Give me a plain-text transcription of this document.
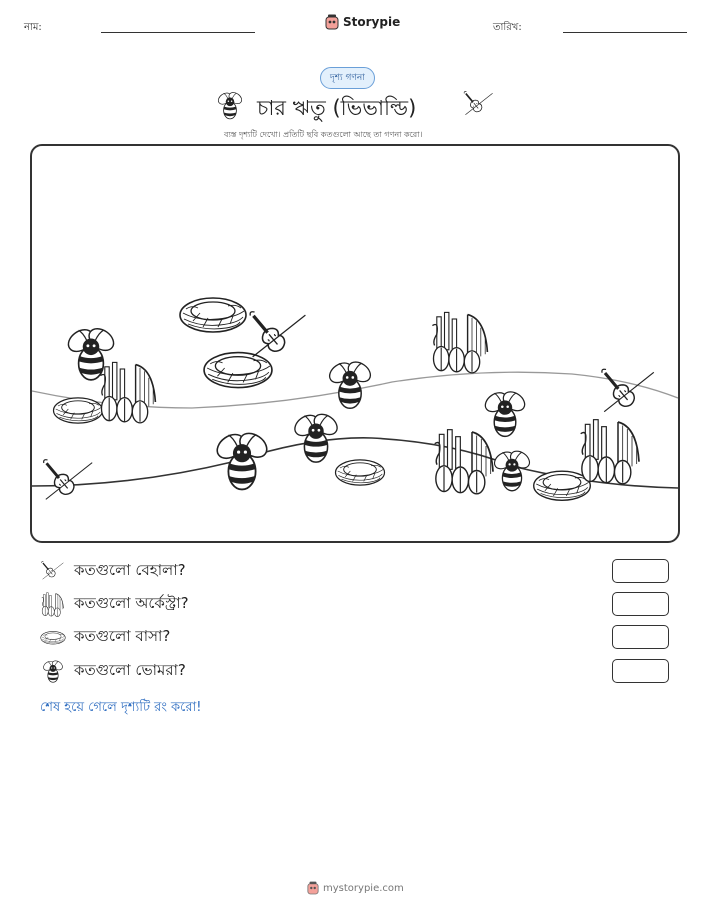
নাম:	Storypie	তারিখ:
দৃশ্য গণনা
চার ঋতু (ভিভাল্ডি)
ব্যস্ত দৃশ্যটি দেখো। প্রতিটি ছবি কতগুলো আছে তা গণনা করো।
কতগুলো বেহালা?
কতগুলো অর্কেস্ট্রা?
কতগুলো বাসা?
কতগুলো ভোমরা?
শেষ হয়ে গেলে দৃশ্যটি রং করো!
mystorypie.com
